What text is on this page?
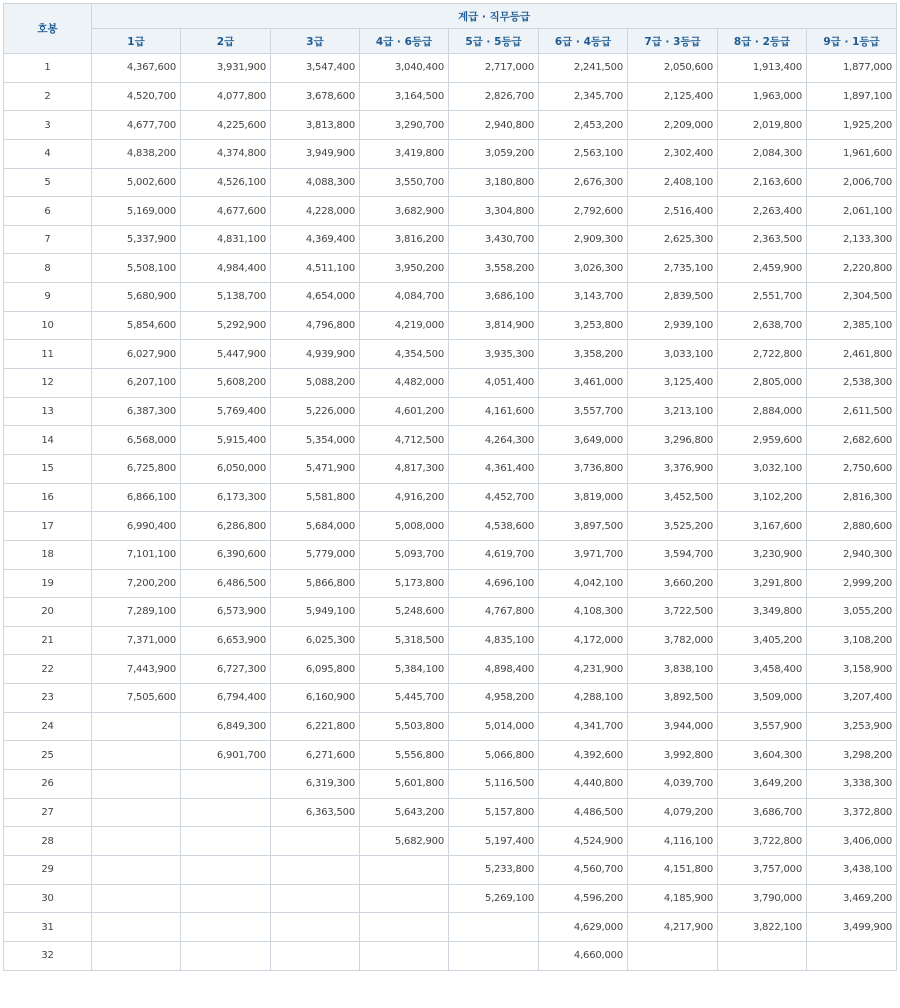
호봉	계급 · 직무등급								
	1급	2급	3급	4급 · 6등급	5급 · 5등급	6급 · 4등급	7급 · 3등급	8급 · 2등급	9급 · 1등급
1	4,367,600	3,931,900	3,547,400	3,040,400	2,717,000	2,241,500	2,050,600	1,913,400	1,877,000
2	4,520,700	4,077,800	3,678,600	3,164,500	2,826,700	2,345,700	2,125,400	1,963,000	1,897,100
3	4,677,700	4,225,600	3,813,800	3,290,700	2,940,800	2,453,200	2,209,000	2,019,800	1,925,200
4	4,838,200	4,374,800	3,949,900	3,419,800	3,059,200	2,563,100	2,302,400	2,084,300	1,961,600
5	5,002,600	4,526,100	4,088,300	3,550,700	3,180,800	2,676,300	2,408,100	2,163,600	2,006,700
6	5,169,000	4,677,600	4,228,000	3,682,900	3,304,800	2,792,600	2,516,400	2,263,400	2,061,100
7	5,337,900	4,831,100	4,369,400	3,816,200	3,430,700	2,909,300	2,625,300	2,363,500	2,133,300
8	5,508,100	4,984,400	4,511,100	3,950,200	3,558,200	3,026,300	2,735,100	2,459,900	2,220,800
9	5,680,900	5,138,700	4,654,000	4,084,700	3,686,100	3,143,700	2,839,500	2,551,700	2,304,500
10	5,854,600	5,292,900	4,796,800	4,219,000	3,814,900	3,253,800	2,939,100	2,638,700	2,385,100
11	6,027,900	5,447,900	4,939,900	4,354,500	3,935,300	3,358,200	3,033,100	2,722,800	2,461,800
12	6,207,100	5,608,200	5,088,200	4,482,000	4,051,400	3,461,000	3,125,400	2,805,000	2,538,300
13	6,387,300	5,769,400	5,226,000	4,601,200	4,161,600	3,557,700	3,213,100	2,884,000	2,611,500
14	6,568,000	5,915,400	5,354,000	4,712,500	4,264,300	3,649,000	3,296,800	2,959,600	2,682,600
15	6,725,800	6,050,000	5,471,900	4,817,300	4,361,400	3,736,800	3,376,900	3,032,100	2,750,600
16	6,866,100	6,173,300	5,581,800	4,916,200	4,452,700	3,819,000	3,452,500	3,102,200	2,816,300
17	6,990,400	6,286,800	5,684,000	5,008,000	4,538,600	3,897,500	3,525,200	3,167,600	2,880,600
18	7,101,100	6,390,600	5,779,000	5,093,700	4,619,700	3,971,700	3,594,700	3,230,900	2,940,300
19	7,200,200	6,486,500	5,866,800	5,173,800	4,696,100	4,042,100	3,660,200	3,291,800	2,999,200
20	7,289,100	6,573,900	5,949,100	5,248,600	4,767,800	4,108,300	3,722,500	3,349,800	3,055,200
21	7,371,000	6,653,900	6,025,300	5,318,500	4,835,100	4,172,000	3,782,000	3,405,200	3,108,200
22	7,443,900	6,727,300	6,095,800	5,384,100	4,898,400	4,231,900	3,838,100	3,458,400	3,158,900
23	7,505,600	6,794,400	6,160,900	5,445,700	4,958,200	4,288,100	3,892,500	3,509,000	3,207,400
24		6,849,300	6,221,800	5,503,800	5,014,000	4,341,700	3,944,000	3,557,900	3,253,900
25		6,901,700	6,271,600	5,556,800	5,066,800	4,392,600	3,992,800	3,604,300	3,298,200
26			6,319,300	5,601,800	5,116,500	4,440,800	4,039,700	3,649,200	3,338,300
27			6,363,500	5,643,200	5,157,800	4,486,500	4,079,200	3,686,700	3,372,800
28				5,682,900	5,197,400	4,524,900	4,116,100	3,722,800	3,406,000
29					5,233,800	4,560,700	4,151,800	3,757,000	3,438,100
30					5,269,100	4,596,200	4,185,900	3,790,000	3,469,200
31						4,629,000	4,217,900	3,822,100	3,499,900
32						4,660,000			
